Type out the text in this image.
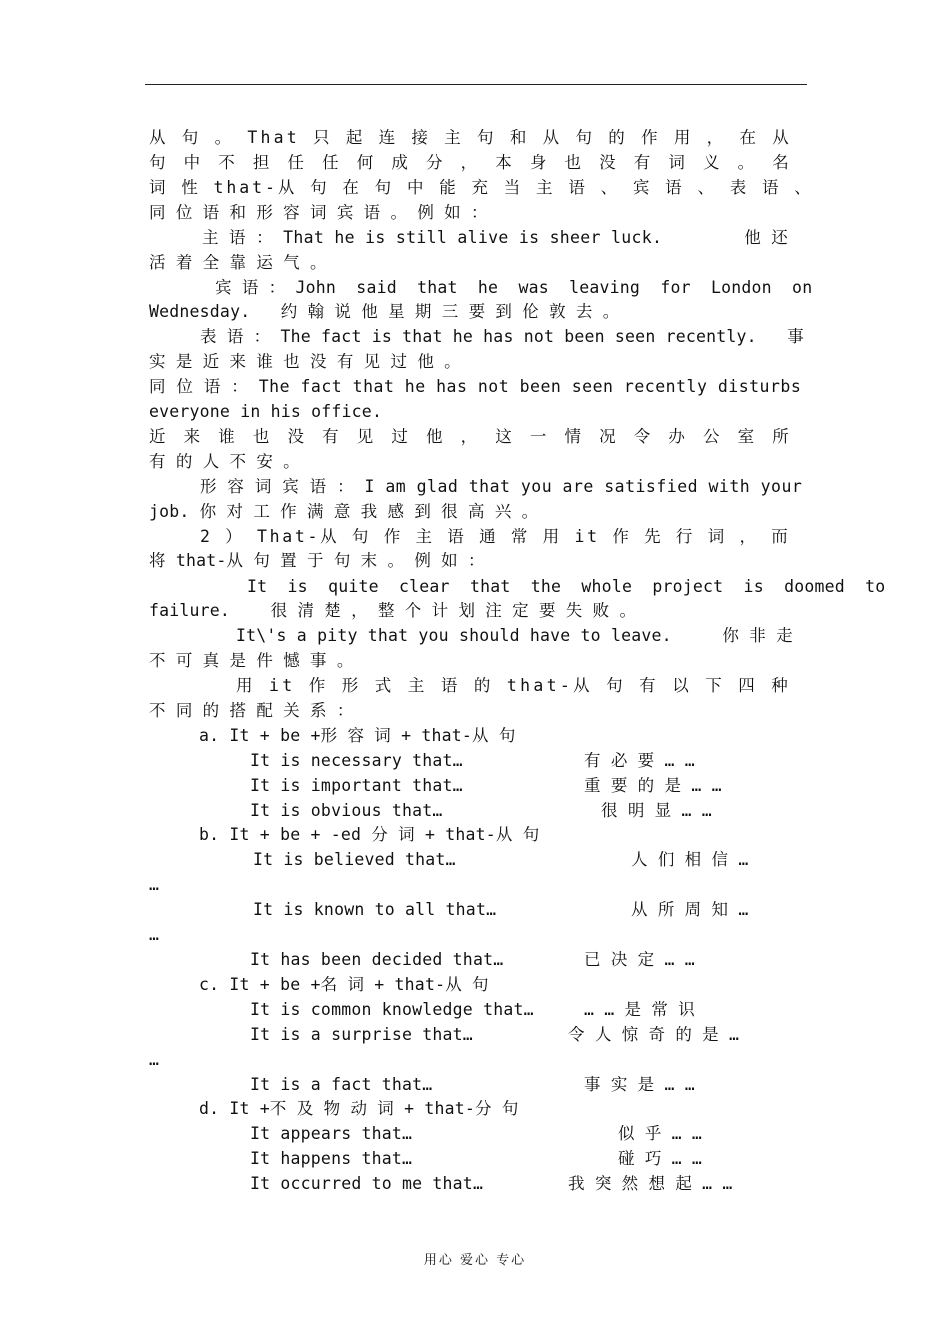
从 句 。 That 只 起 连 接 主 句 和 从 句 的 作 用 ， 在 从
句 中 不 担 任 任 何 成 分 ， 本 身 也 没 有 词 义 。 名
词 性 that-从 句 在 句 中 能 充 当 主 语 、 宾 语 、 表 语 、
同 位 语 和 形 容 词 宾 语 。 例 如 ：
主 语 ： That he is still alive is sheer luck.        他 还
活 着 全 靠 运 气 。
宾 语 ： John  said  that  he  was  leaving  for  London  on
Wednesday.   约 翰 说 他 星 期 三 要 到 伦 敦 去 。
表 语 ： The fact is that he has not been seen recently.   事
实 是 近 来 谁 也 没 有 见 过 他 。
同 位 语 ： The fact that he has not been seen recently disturbs
everyone in his office.
近 来 谁 也 没 有 见 过 他 ， 这 一 情 况 令 办 公 室 所
有 的 人 不 安 。
形 容 词 宾 语 ： I am glad that you are satisfied with your
job. 你 对 工 作 满 意 我 感 到 很 高 兴 。
2 ） That-从 句 作 主 语 通 常 用 it 作 先 行 词 ， 而
将 that-从 句 置 于 句 末 。 例 如 ：
It  is  quite  clear  that  the  whole  project  is  doomed  to
failure.    很 清 楚 ， 整 个 计 划 注 定 要 失 败 。
It\'s a pity that you should have to leave.     你 非 走
不 可 真 是 件 憾 事 。
用 it 作 形 式 主 语 的 that-从 句 有 以 下 四 种
不 同 的 搭 配 关 系 ：
a. It + be +形 容 词 + that-从 句
It is necessary that…	有 必 要 … …
It is important that…	重 要 的 是 … …
It is obvious that…	很 明 显 … …
b. It + be + -ed 分 词 + that-从 句
It is believed that…	人 们 相 信 …
…
It is known to all that…	从 所 周 知 …
…
It has been decided that…	已 决 定 … …
c. It + be +名 词 + that-从 句
It is common knowledge that…	… … 是 常 识
It is a surprise that…	令 人 惊 奇 的 是 …
…
It is a fact that…	事 实 是 … …
d. It +不 及 物 动 词 + that-分 句
It appears that…	似 乎 … …
It happens that…	碰 巧 … …
It occurred to me that…	我 突 然 想 起 … …
用心 爱心 专心
